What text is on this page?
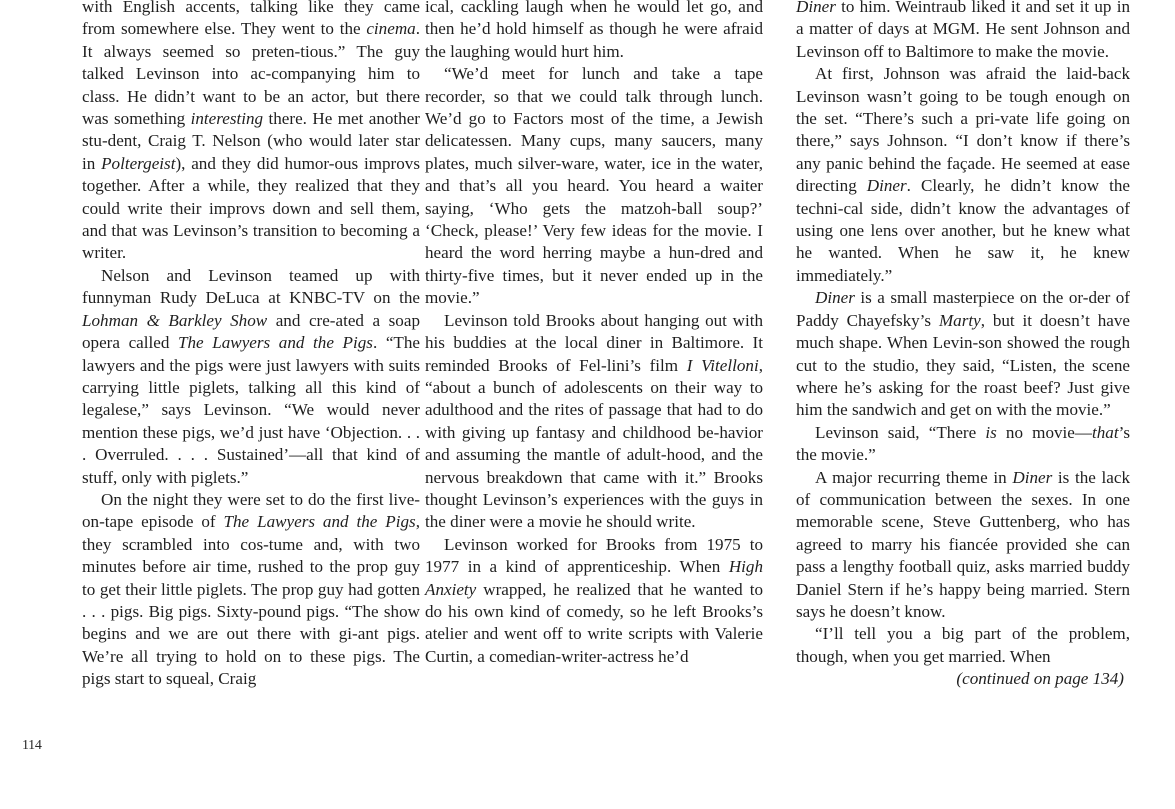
with English accents, talking like they came from somewhere else. They went to the cinema. It always seemed so preten-tious.” The guy talked Levinson into ac-companying him to class. He didn’t want to be an actor, but there was something interesting there. He met another stu-dent, Craig T. Nelson (who would later star in Poltergeist), and they did humor-ous improvs together. After a while, they realized that they could write their improvs down and sell them, and that was Levinson’s transition to becoming a writer.

Nelson and Levinson teamed up with funnyman Rudy DeLuca at KNBC-TV on the Lohman & Barkley Show and cre-ated a soap opera called The Lawyers and the Pigs. “The lawyers and the pigs were just lawyers with suits carrying little piglets, talking all this kind of legalese,” says Levinson. “We would never mention these pigs, we’d just have ‘Objection. . . . Overruled. . . . Sustained’—all that kind of stuff, only with piglets.”

On the night they were set to do the first live-on-tape episode of The Lawyers and the Pigs, they scrambled into cos-tume and, with two minutes before air time, rushed to the prop guy to get their little piglets. The prop guy had gotten . . . pigs. Big pigs. Sixty-pound pigs. “The show begins and we are out there with gi-ant pigs. We’re all trying to hold on to these pigs. The pigs start to squeal, Craig

ical, cackling laugh when he would let go, and then he’d hold himself as though he were afraid the laughing would hurt him.

“We’d meet for lunch and take a tape recorder, so that we could talk through lunch. We’d go to Factors most of the time, a Jewish delicatessen. Many cups, many saucers, many plates, much silver-ware, water, ice in the water, and that’s all you heard. You heard a waiter saying, ‘Who gets the matzoh-ball soup?’ ‘Check, please!’ Very few ideas for the movie. I heard the word herring maybe a hun-dred and thirty-five times, but it never ended up in the movie.”

Levinson told Brooks about hanging out with his buddies at the local diner in Baltimore. It reminded Brooks of Fel-lini’s film I Vitelloni, “about a bunch of adolescents on their way to adulthood and the rites of passage that had to do with giving up fantasy and childhood be-havior and assuming the mantle of adult-hood, and the nervous breakdown that came with it.” Brooks thought Levinson’s experiences with the guys in the diner were a movie he should write.

Levinson worked for Brooks from 1975 to 1977 in a kind of apprenticeship. When High Anxiety wrapped, he realized that he wanted to do his own kind of comedy, so he left Brooks’s atelier and went off to write scripts with Valerie Curtin, a comedian-writer-actress he’d

Diner to him. Weintraub liked it and set it up in a matter of days at MGM. He sent Johnson and Levinson off to Baltimore to make the movie.

At first, Johnson was afraid the laid-back Levinson wasn’t going to be tough enough on the set. “There’s such a pri-vate life going on there,” says Johnson. “I don’t know if there’s any panic behind the façade. He seemed at ease directing Diner. Clearly, he didn’t know the techni-cal side, didn’t know the advantages of using one lens over another, but he knew what he wanted. When he saw it, he knew immediately.”

Diner is a small masterpiece on the or-der of Paddy Chayefsky’s Marty, but it doesn’t have much shape. When Levin-son showed the rough cut to the studio, they said, “Listen, the scene where he’s asking for the roast beef? Just give him the sandwich and get on with the movie.”

Levinson said, “There is no movie—that’s the movie.”

A major recurring theme in Diner is the lack of communication between the sexes. In one memorable scene, Steve Guttenberg, who has agreed to marry his fiancée provided she can pass a lengthy football quiz, asks married buddy Daniel Stern if he’s happy being married. Stern says he doesn’t know.

“I’ll tell you a big part of the problem, though, when you get married. When

(continued on page 134)
114
